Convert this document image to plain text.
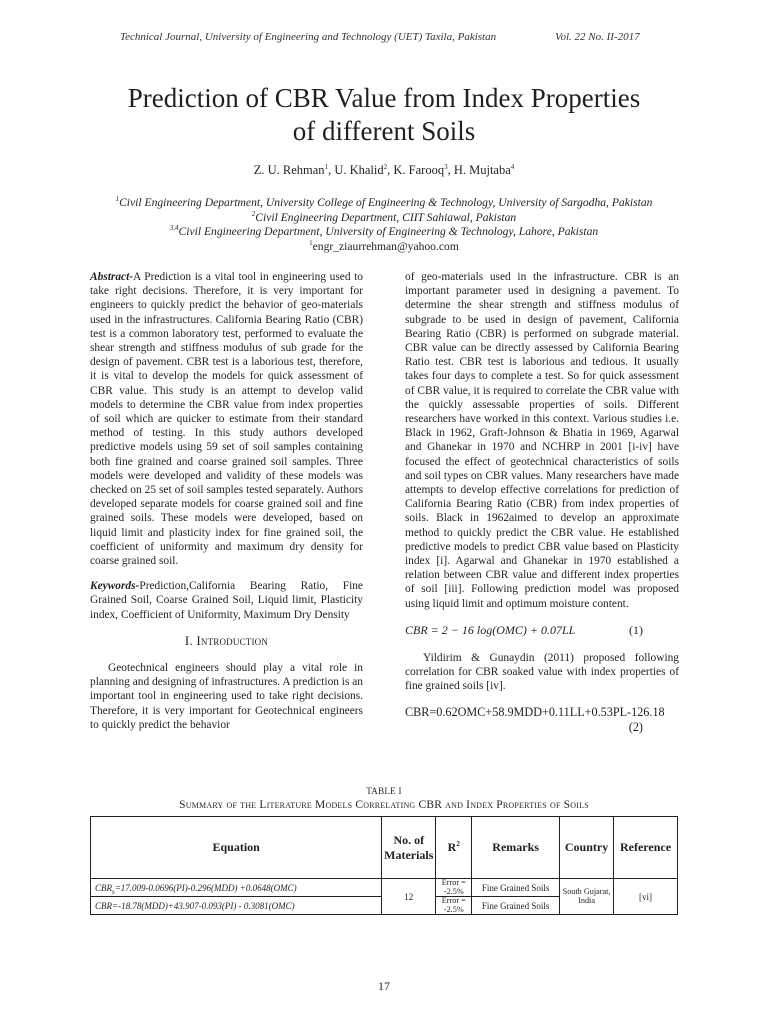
Technical Journal, University of Engineering and Technology (UET) Taxila, Pakistan	Vol. 22 No. II-2017
Prediction of CBR Value from Index Properties
of different Soils
Z. U. Rehman$^1$, U. Khalid$^2$, K. Farooq$^3$, H. Mujtaba$^4$
$^1$Civil Engineering Department, University College of Engineering & Technology, University of Sargodha, Pakistan
$^2$Civil Engineering Department, CIIT Sahiawal, Pakistan
$^{3,4}$Civil Engineering Department, University of Engineering & Technology, Lahore, Pakistan
$^1$engr_ziaurrehman@yahoo.com

Abstract-A Prediction is a vital tool in engineering used to take right decisions. Therefore, it is very important for engineers to quickly predict the behavior of geo-materials used in the infrastructures. California Bearing Ratio (CBR) test is a common laboratory test, performed to evaluate the shear strength and stiffness modulus of sub grade for the design of pavement. CBR test is a laborious test, therefore, it is vital to develop the models for quick assessment of CBR value. This study is an attempt to develop valid models to determine the CBR value from index properties of soil which are quicker to estimate from their standard method of testing. In this study authors developed predictive models using 59 set of soil samples containing both fine grained and coarse grained soil samples. Three models were developed and validity of these models was checked on 25 set of soil samples tested separately. Authors developed separate models for coarse grained soil and fine grained soils. These models were developed, based on liquid limit and plasticity index for fine grained soil, the coefficient of uniformity and maximum dry density for coarse grained soil.

Keywords-Prediction,California Bearing Ratio, Fine Grained Soil, Coarse Grained Soil, Liquid limit, Plasticity index, Coefficient of Uniformity, Maximum Dry Density

I. Introduction

Geotechnical engineers should play a vital role in planning and designing of infrastructures. A prediction is an important tool in engineering used to take right decisions. Therefore, it is very important for Geotechnical engineers to quickly predict the behavior

of geo-materials used in the infrastructure. CBR is an important parameter used in designing a pavement. To determine the shear strength and stiffness modulus of subgrade to be used in design of pavement, California Bearing Ratio (CBR) is performed on subgrade material. CBR value can be directly assessed by California Bearing Ratio test. CBR test is laborious and tedious. It usually takes four days to complete a test. So for quick assessment of CBR value, it is required to correlate the CBR value with the quickly assessable properties of soils. Different researchers have worked in this context. Various studies i.e. Black in 1962, Graft-Johnson & Bhatia in 1969, Agarwal and Ghanekar in 1970 and NCHRP in 2001 [i-iv] have focused the effect of geotechnical characteristics of soils and soil types on CBR values. Many researchers have made attempts to develop effective correlations for prediction of California Bearing Ratio (CBR) from index properties of soils. Black in 1962aimed to develop an approximate method to quickly predict the CBR value. He established predictive models to predict CBR value based on Plasticity index [i]. Agarwal and Ghanekar in 1970 established a relation between CBR value and different index properties of soil [iii]. Following prediction model was proposed using liquid limit and optimum moisture content.

CBR = 2 − 16 log(OMC) + 0.07LL	(1)

Yildirim & Gunaydin (2011) proposed following correlation for CBR soaked value with index properties of fine grained soils [iv].

CBR=0.62OMC+58.9MDD+0.11LL+0.53PL-126.18
(2)
TABLE I
Summary of the Literature Models Correlating CBR and Index Properties of Soils
Equation	No. of Materials	$R^2$	Remarks	Country	Reference
$CBR_s=17.009-0.0696(PI)-0.296(MDD) +0.0648(OMC)$	12	Error = -2.5%	Fine Grained Soils	South Gujarat, India	[vi]
CBR=-18.78(MDD)+43.907-0.093(PI) - 0.3081(OMC)		Error = -2.5%	Fine Grained Soils		
17
